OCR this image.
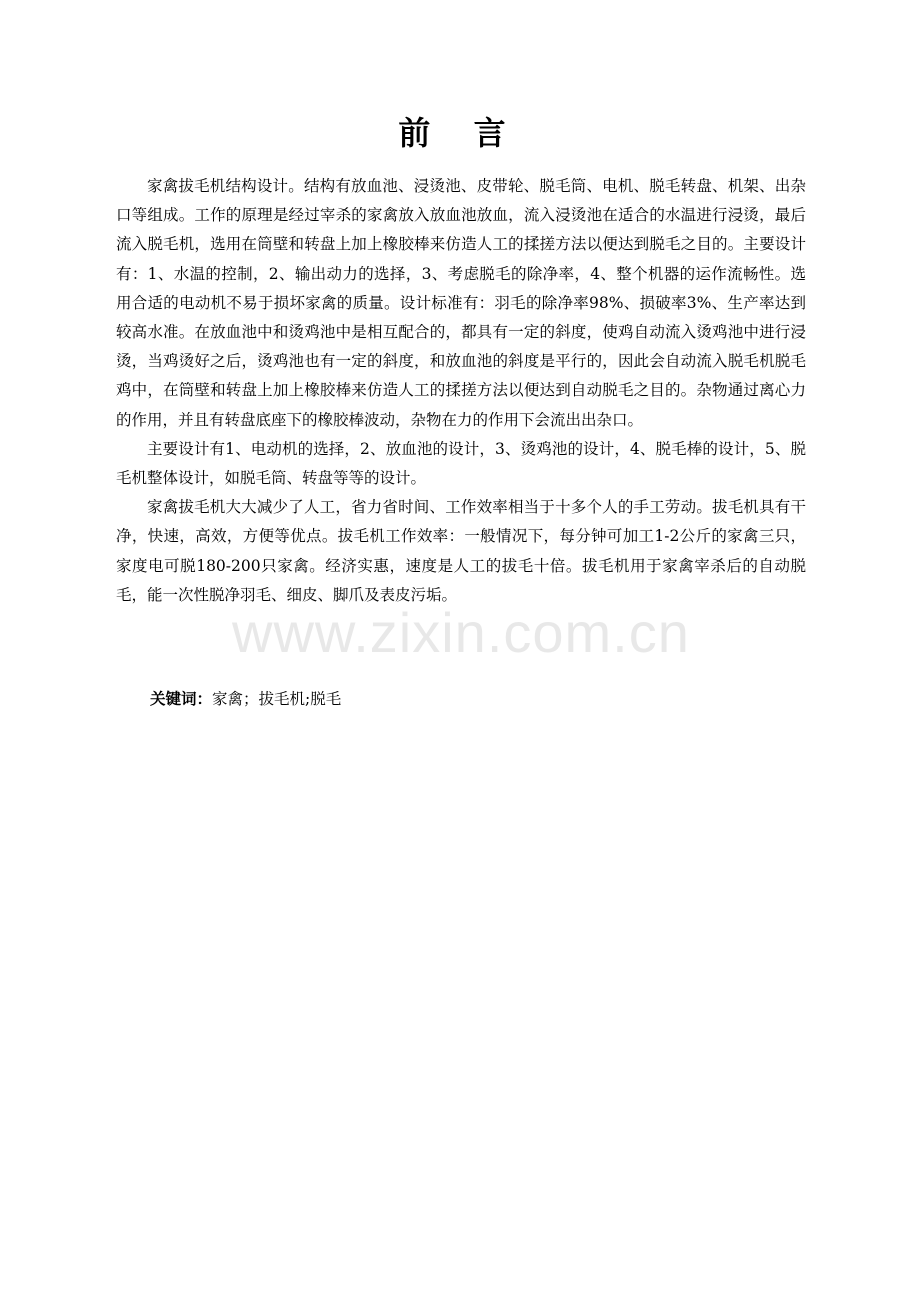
前 言

家禽拔毛机结构设计。结构有放血池、浸烫池、皮带轮、脱毛筒、电机、脱毛转盘、机架、出杂口等组成。工作的原理是经过宰杀的家禽放入放血池放血，流入浸烫池在适合的水温进行浸烫，最后流入脱毛机，选用在筒壁和转盘上加上橡胶棒来仿造人工的揉搓方法以便达到脱毛之目的。主要设计有：1、水温的控制，2、输出动力的选择，3、考虑脱毛的除净率，4、整个机器的运作流畅性。选用合适的电动机不易于损坏家禽的质量。设计标准有：羽毛的除净率98%、损破率3%、生产率达到较高水准。在放血池中和烫鸡池中是相互配合的，都具有一定的斜度，使鸡自动流入烫鸡池中进行浸烫，当鸡烫好之后，烫鸡池也有一定的斜度，和放血池的斜度是平行的，因此会自动流入脱毛机脱毛鸡中，在筒壁和转盘上加上橡胶棒来仿造人工的揉搓方法以便达到自动脱毛之目的。杂物通过离心力的作用，并且有转盘底座下的橡胶棒波动，杂物在力的作用下会流出出杂口。

主要设计有1、电动机的选择，2、放血池的设计，3、烫鸡池的设计，4、脱毛棒的设计，5、脱毛机整体设计，如脱毛筒、转盘等等的设计。

家禽拔毛机大大减少了人工，省力省时间、工作效率相当于十多个人的手工劳动。拔毛机具有干净，快速，高效，方便等优点。拔毛机工作效率：一般情况下，每分钟可加工1-2公斤的家禽三只，家度电可脱180-200只家禽。经济实惠，速度是人工的拔毛十倍。拔毛机用于家禽宰杀后的自动脱毛，能一次性脱净羽毛、细皮、脚爪及表皮污垢。

www.zixin.com.cn
关键词：家禽；拔毛机;脱毛
